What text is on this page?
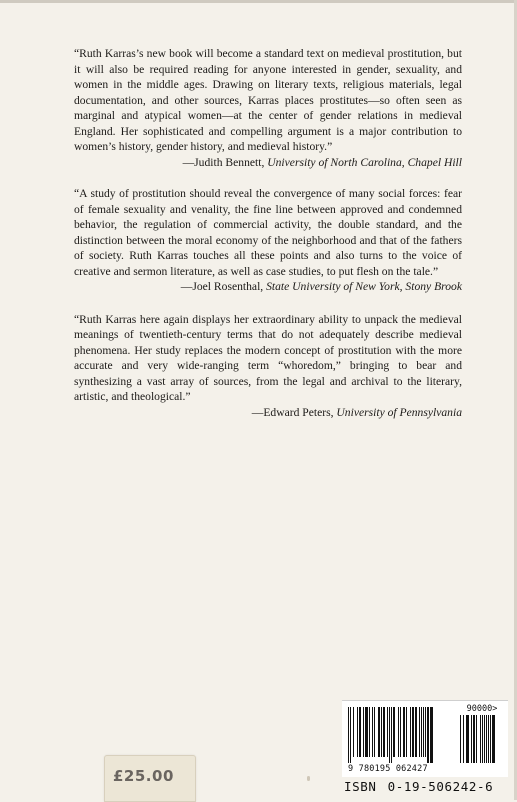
“Ruth Karras’s new book will become a standard text on medieval prostitution, but it will also be required reading for anyone interested in gender, sexuality, and women in the middle ages. Drawing on literary texts, religious materials, legal documentation, and other sources, Karras places prostitutes—so often seen as marginal and atypical women—at the center of gender relations in medieval England. Her sophisticated and compelling argument is a major contribution to women’s history, gender history, and medieval history.”

—Judith Bennett, University of North Carolina, Chapel Hill

“A study of prostitution should reveal the convergence of many social forces: fear of female sexuality and venality, the fine line between approved and condemned behavior, the regulation of commercial activity, the double standard, and the distinction between the moral economy of the neighborhood and that of the fathers of society. Ruth Karras touches all these points and also turns to the voice of creative and sermon literature, as well as case studies, to put flesh on the tale.”

—Joel Rosenthal, State University of New York, Stony Brook

“Ruth Karras here again displays her extraordinary ability to unpack the medieval meanings of twentieth-century terms that do not adequately describe medieval phenomena. Her study replaces the modern concept of prostitution with the more accurate and very wide-ranging term “whoredom,” bringing to bear and synthesizing a vast array of sources, from the legal and archival to the literary, artistic, and theological.”

—Edward Peters, University of Pennsylvania

£25.00
90000>
9 780195 062427
ISBN 0-19-506242-6
